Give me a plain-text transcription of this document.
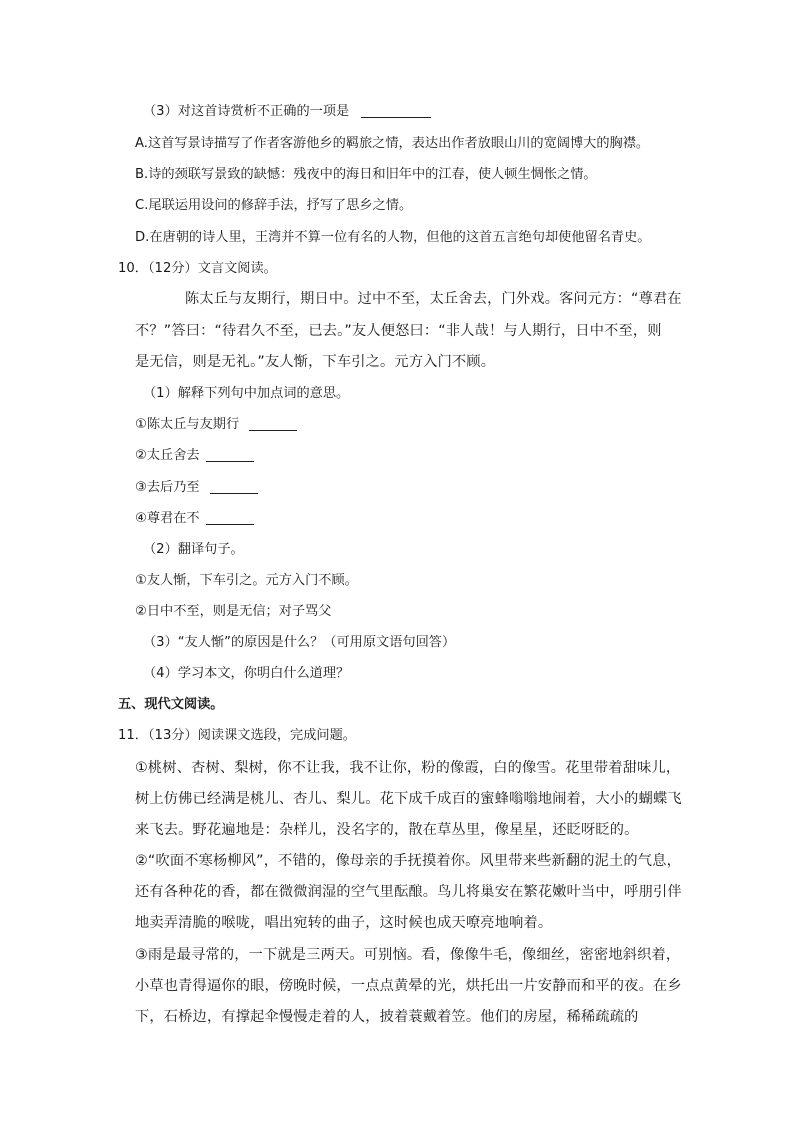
（3）对这首诗赏析不正确的一项是
A.这首写景诗描写了作者客游他乡的羁旅之情，表达出作者放眼山川的宽阔博大的胸襟。
B.诗的颈联写景致的缺憾：残夜中的海日和旧年中的江春，使人顿生惆怅之情。
C.尾联运用设问的修辞手法，抒写了思乡之情。
D.在唐朝的诗人里，王湾并不算一位有名的人物，但他的这首五言绝句却使他留名青史。
10．（12分）文言文阅读。
陈太丘与友期行，期日中。过中不至，太丘舍去，门外戏。客问元方：“尊君在
不？”答曰：“待君久不至，已去。”友人便怒曰：“非人哉！与人期行，日中不至，则
是无信，则是无礼。”友人惭，下车引之。元方入门不顾。
（1）解释下列句中加点词的意思。
①陈太丘与友期行
②太丘舍去
③去后乃至
④尊君在不
（2）翻译句子。
①友人惭，下车引之。元方入门不顾。
②日中不至，则是无信；对子骂父
（3）“友人惭”的原因是什么？（可用原文语句回答）
（4）学习本文，你明白什么道理？
五、现代文阅读。
11．（13分）阅读课文选段，完成问题。
①桃树、杏树、梨树，你不让我，我不让你，粉的像霞，白的像雪。花里带着甜味儿，
树上仿佛已经满是桃儿、杏儿、梨儿。花下成千成百的蜜蜂嗡嗡地闹着，大小的蝴蝶飞
来飞去。野花遍地是：杂样儿，没名字的，散在草丛里，像星星，还眨呀眨的。
②“吹面不寒杨柳风”，不错的，像母亲的手抚摸着你。风里带来些新翻的泥土的气息，
还有各种花的香，都在微微润湿的空气里酝酿。鸟儿将巢安在繁花嫩叶当中，呼朋引伴
地卖弄清脆的喉咙，唱出宛转的曲子，这时候也成天嘹亮地响着。
③雨是最寻常的，一下就是三两天。可别恼。看，像像牛毛，像细丝，密密地斜织着，
小草也青得逼你的眼，傍晚时候，一点点黄晕的光，烘托出一片安静而和平的夜。在乡
下，石桥边，有撑起伞慢慢走着的人，披着蓑戴着笠。他们的房屋，稀稀疏疏的
